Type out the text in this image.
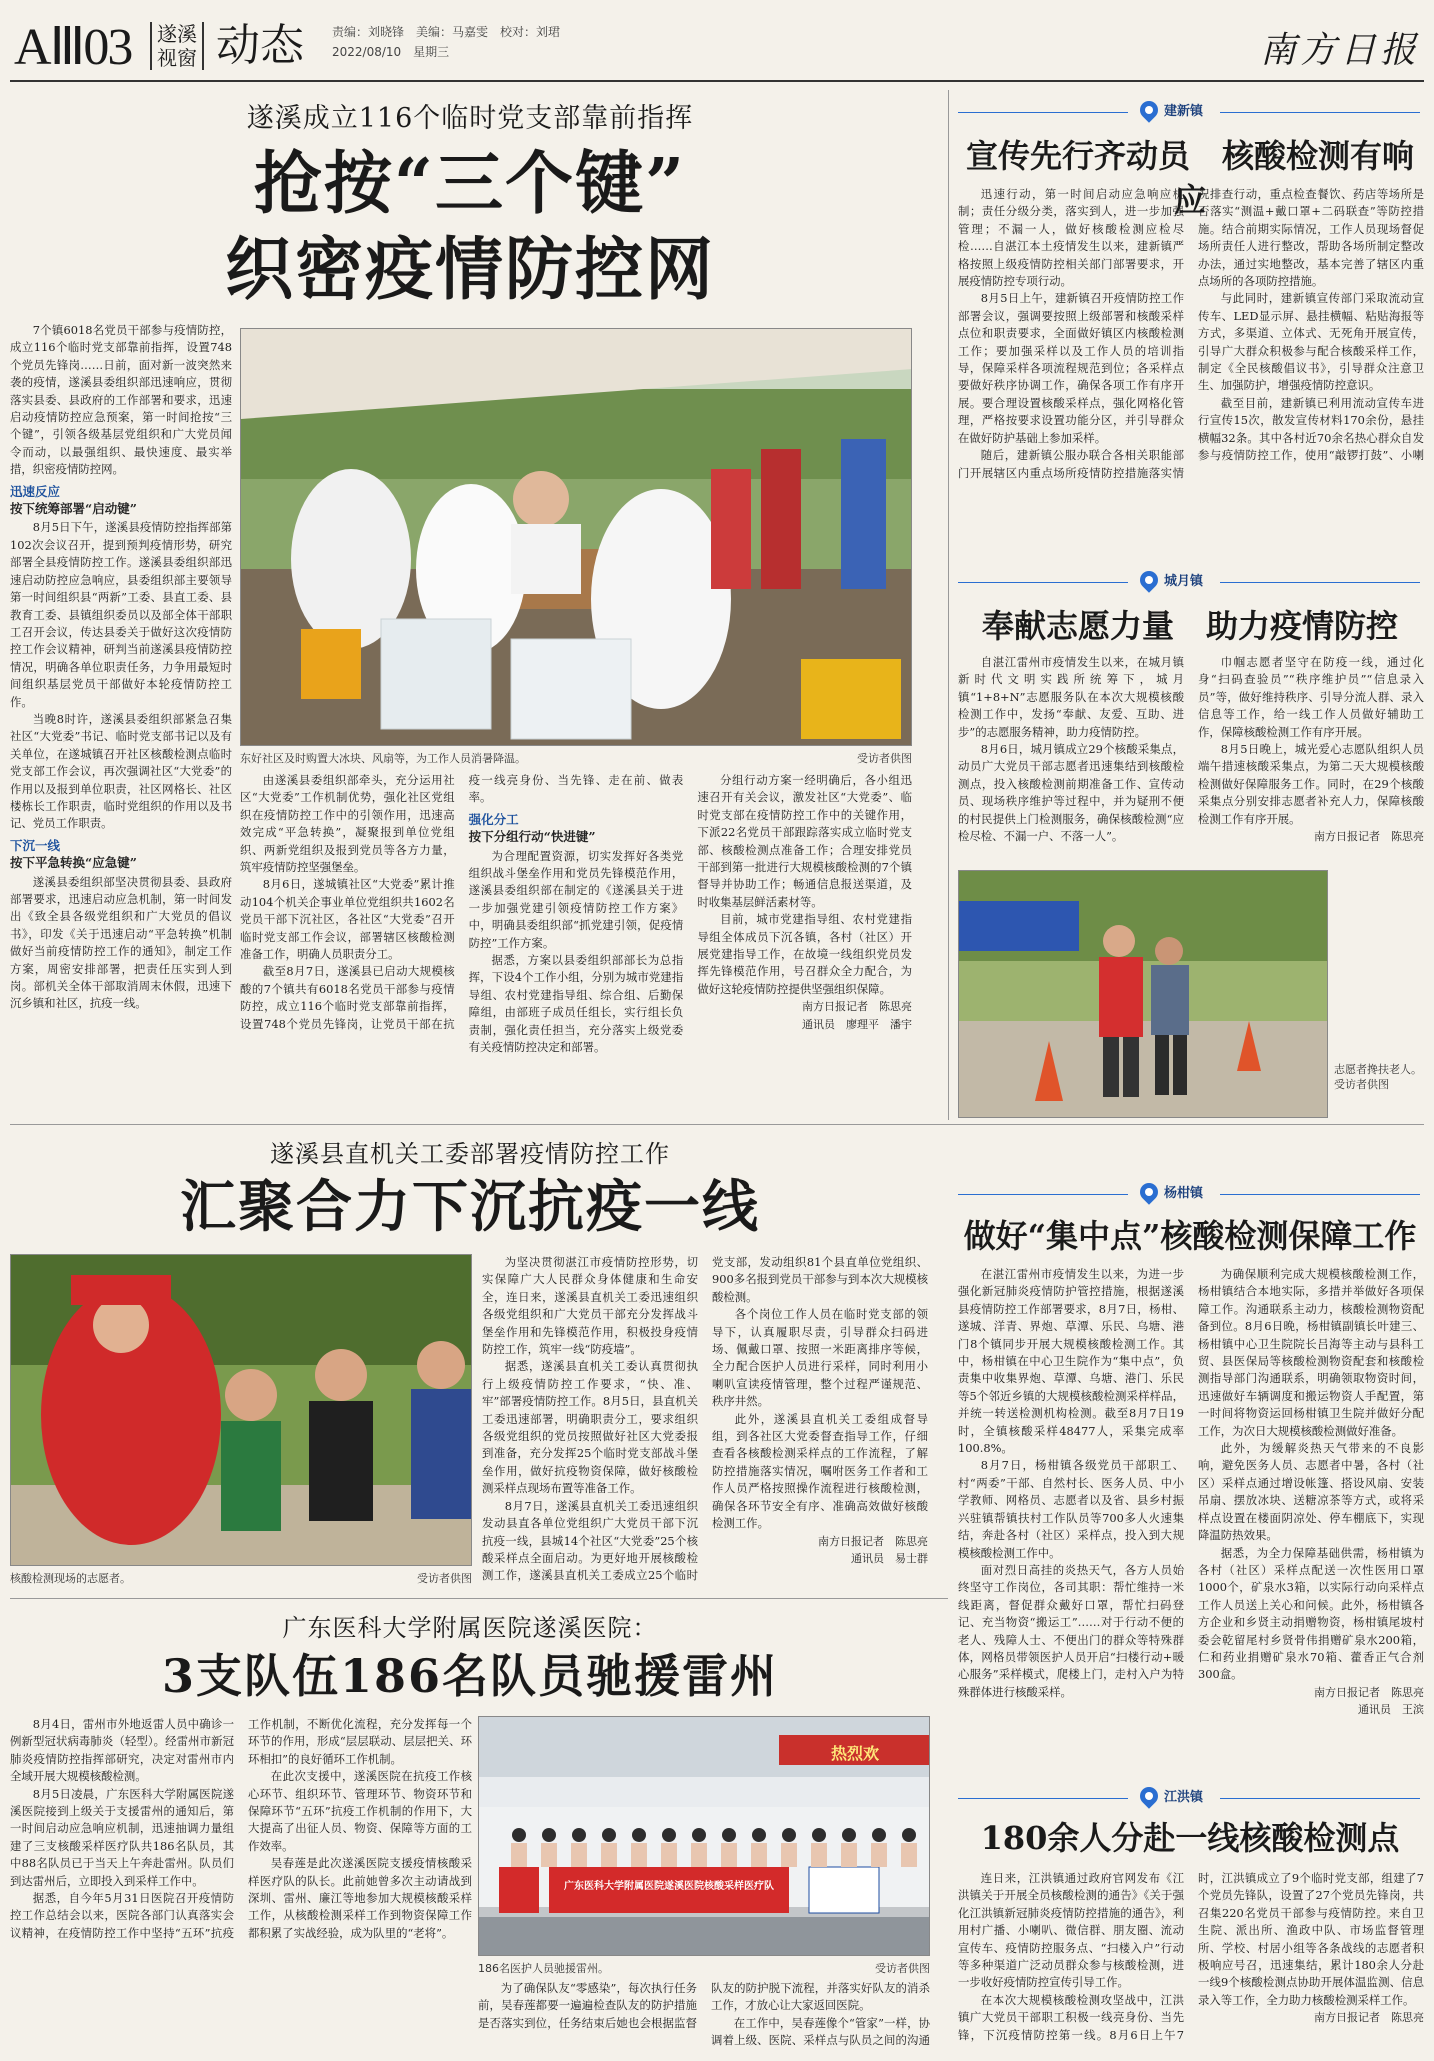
AⅢ03	遂溪视窗 动态 责编：刘晓锋　美编：马嘉雯　校对：刘珺
2022/08/10　星期三	南方日报
遂溪成立116个临时党支部靠前指挥
抢按“三个键”
织密疫情防控网

7个镇6018名党员干部参与疫情防控，成立116个临时党支部靠前指挥，设置748个党员先锋岗……日前，面对新一波突然来袭的疫情，遂溪县委组织部迅速响应，贯彻落实县委、县政府的工作部署和要求，迅速启动疫情防控应急预案，第一时间抢按“三个键”，引领各级基层党组织和广大党员闻令而动，以最强组织、最快速度、最实举措，织密疫情防控网。

迅速反应
按下统筹部署“启动键”

8月5日下午，遂溪县疫情防控指挥部第102次会议召开，提到预判疫情形势，研究部署全县疫情防控工作。遂溪县委组织部迅速启动防控应急响应，县委组织部主要领导第一时间组织县“两新”工委、县直工委、县教育工委、县镇组织委员以及部全体干部职工召开会议，传达县委关于做好这次疫情防控工作会议精神，研判当前遂溪县疫情防控情况，明确各单位职责任务，力争用最短时间组织基层党员干部做好本轮疫情防控工作。

当晚8时许，遂溪县委组织部紧急召集社区“大党委”书记、临时党支部书记以及有关单位，在遂城镇召开社区核酸检测点临时党支部工作会议，再次强调社区“大党委”的作用以及报到单位职责，社区网格长、社区楼栋长工作职责，临时党组织的作用以及书记、党员工作职责。

下沉一线
按下平急转换“应急键”

遂溪县委组织部坚决贯彻县委、县政府部署要求，迅速启动应急机制，第一时间发出《致全县各级党组织和广大党员的倡议书》，印发《关于迅速启动“平急转换”机制做好当前疫情防控工作的通知》，制定工作方案，周密安排部署，把责任压实到人到岗。部机关全体干部取消周末休假，迅速下沉乡镇和社区，抗疫一线。

东好社区及时购置大冰块、风扇等，为工作人员消暑降温。	受访者供图

由遂溪县委组织部牵头，充分运用社区“大党委”工作机制优势，强化社区党组织在疫情防控工作中的引领作用，迅速高效完成“平急转换”，凝聚报到单位党组织、两新党组织及报到党员等各方力量，筑牢疫情防控坚强堡垒。

8月6日，遂城镇社区“大党委”累计推动104个机关企事业单位党组织共1602名党员干部下沉社区，各社区“大党委”召开临时党支部工作会议，部署辖区核酸检测准备工作，明确人员职责分工。

截至8月7日，遂溪县已启动大规模核酸的7个镇共有6018名党员干部参与疫情防控，成立116个临时党支部靠前指挥，设置748个党员先锋岗，让党员干部在抗疫一线亮身份、当先锋、走在前、做表率。

强化分工
按下分组行动“快进键”

为合理配置资源，切实发挥好各类党组织战斗堡垒作用和党员先锋模范作用，遂溪县委组织部在制定的《遂溪县关于进一步加强党建引领疫情防控工作方案》中，明确县委组织部“抓党建引领，促疫情防控”工作方案。

据悉，方案以县委组织部部长为总指挥，下设4个工作小组，分别为城市党建指导组、农村党建指导组、综合组、后勤保障组，由部班子成员任组长，实行组长负责制，强化责任担当，充分落实上级党委有关疫情防控决定和部署。

分组行动方案一经明确后，各小组迅速召开有关会议，激发社区“大党委”、临时党支部在疫情防控工作中的关键作用，下派22名党员干部跟踪落实成立临时党支部、核酸检测点准备工作；合理安排党员干部到第一批进行大规模核酸检测的7个镇督导并协助工作；畅通信息报送渠道，及时收集基层鲜活素材等。

目前，城市党建指导组、农村党建指导组全体成员下沉各镇，各村（社区）开展党建指导工作，在故境一线组织党员发挥先锋模范作用，号召群众全力配合，为做好这轮疫情防控提供坚强组织保障。

南方日报记者　陈思亮

通讯员　廖理平　潘宇

建新镇
宣传先行齐动员　核酸检测有响应

迅速行动，第一时间启动应急响应机制；责任分级分类，落实到人，进一步加强管理；不漏一人，做好核酸检测应检尽检……自湛江本土疫情发生以来，建新镇严格按照上级疫情防控相关部门部署要求，开展疫情防控专项行动。

8月5日上午，建新镇召开疫情防控工作部署会议，强调要按照上级部署和核酸采样点位和职责要求，全面做好镇区内核酸检测工作；要加强采样以及工作人员的培训指导，保障采样各项流程规范到位；各采样点要做好秩序协调工作，确保各项工作有序开展。要合理设置核酸采样点，强化网格化管理，严格按要求设置功能分区，并引导群众在做好防护基础上参加采样。

随后，建新镇公服办联合各相关职能部门开展辖区内重点场所疫情防控措施落实情况排查行动，重点检查餐饮、药店等场所是否落实“测温+戴口罩+二码联查”等防控措施。结合前期实际情况，工作人员现场督促场所责任人进行整改，帮助各场所制定整改办法，通过实地整改，基本完善了辖区内重点场所的各项防控措施。

与此同时，建新镇宣传部门采取流动宣传车、LED显示屏、悬挂横幅、粘贴海报等方式，多渠道、立体式、无死角开展宣传，引导广大群众积极参与配合核酸采样工作，制定《全民核酸倡议书》，引导群众注意卫生、加强防护，增强疫情防控意识。

截至目前，建新镇已利用流动宣传车进行宣传15次，散发宣传材料170余份，悬挂横幅32条。其中各村近70余名热心群众自发参与疫情防控工作，使用“敲锣打鼓”、小喇

城月镇
奉献志愿力量　助力疫情防控

自湛江雷州市疫情发生以来，在城月镇新时代文明实践所统筹下，城月镇“1+8+N”志愿服务队在本次大规模核酸检测工作中，发扬“奉献、友爱、互助、进步”的志愿服务精神，助力疫情防控。

8月6日，城月镇成立29个核酸采集点，动员广大党员干部志愿者迅速集结到核酸检测点，投入核酸检测前期准备工作、宣传动员、现场秩序维护等过程中，并为疑刑不便的村民提供上门检测服务，确保核酸检测“应检尽检、不漏一户、不落一人”。

巾帼志愿者坚守在防疫一线，通过化身“扫码查验员”“秩序维护员”“信息录入员”等，做好维持秩序、引导分流人群、录入信息等工作，给一线工作人员做好辅助工作，保障核酸检测工作有序开展。

8月5日晚上，城光爱心志愿队组织人员端午措速核酸采集点，为第二天大规模核酸检测做好保障服务工作。同时，在29个核酸采集点分别安排志愿者补充人力，保障核酸检测工作有序开展。

南方日报记者　陈思亮

志愿者搀扶老人。
受访者供图
遂溪县直机关工委部署疫情防控工作
汇聚合力下沉抗疫一线
核酸检测现场的志愿者。	受访者供图

为坚决贯彻湛江市疫情防控形势，切实保障广大人民群众身体健康和生命安全，连日来，遂溪县直机关工委迅速组织各级党组织和广大党员干部充分发挥战斗堡垒作用和先锋模范作用，积极投身疫情防控工作，筑牢一线“防疫墙”。

据悉，遂溪县直机关工委认真贯彻执行上级疫情防控工作要求，“快、准、牢”部署疫情防控工作。8月5日，县直机关工委迅速部署，明确职责分工，要求组织各级党组织的党员按照做好社区大党委报到准备，充分发挥25个临时党支部战斗堡垒作用，做好抗疫物资保障，做好核酸检测采样点现场布置等准备工作。

8月7日，遂溪县直机关工委迅速组织发动县直各单位党组织广大党员干部下沉抗疫一线，县城14个社区“大党委”25个核酸采样点全面启动。为更好地开展核酸检测工作，遂溪县直机关工委成立25个临时党支部，发动组织81个县直单位党组织、900多名报到党员干部参与到本次大规模核酸检测。

各个岗位工作人员在临时党支部的领导下，认真履职尽责，引导群众扫码进场、佩戴口罩、按照一米距离排序等候，全力配合医护人员进行采样，同时利用小喇叭宣读疫情管理，整个过程严谨规范、秩序井然。

此外，遂溪县直机关工委组成督导组，到各社区大党委督查指导工作，仔细查看各核酸检测采样点的工作流程，了解防控措施落实情况，嘱咐医务工作者和工作人员严格按照操作流程进行核酸检测，确保各环节安全有序、准确高效做好核酸检测工作。

南方日报记者　陈思亮

通讯员　易士群

杨柑镇
做好“集中点”核酸检测保障工作

在湛江雷州市疫情发生以来，为进一步强化新冠肺炎疫情防护管控措施，根据遂溪县疫情防控工作部署要求，8月7日，杨柑、遂城、洋青、界炮、草潭、乐民、乌塘、港门8个镇同步开展大规模核酸检测工作。其中，杨柑镇在中心卫生院作为“集中点”，负责集中收集界炮、草潭、乌塘、港门、乐民等5个邻近乡镇的大规模核酸检测采样样品，并统一转送检测机构检测。截至8月7日19时，全镇核酸采样48477人，采集完成率100.8%。

8月7日，杨柑镇各级党员干部职工、村“两委”干部、自然村长、医务人员、中小学教师、网格员、志愿者以及省、县乡村振兴驻镇帮镇扶村工作队员等700多人火速集结，奔赴各村（社区）采样点，投入到大规模核酸检测工作中。

面对烈日高挂的炎热天气，各方人员始终坚守工作岗位，各司其职：帮忙维持一米线距离，督促群众戴好口罩，帮忙扫码登记、充当物资“搬运工”……对于行动不便的老人、残障人士、不便出门的群众等特殊群体，网格员带领医护人员开启“扫楼行动+暖心服务”采样模式，爬楼上门，走村入户为特殊群体进行核酸采样。

为确保顺利完成大规模核酸检测工作，杨柑镇结合本地实际，多措并举做好各项保障工作。沟通联系主动力，核酸检测物资配备到位。8月6日晚，杨柑镇副镇长叶建三、杨柑镇中心卫生院院长吕海等主动与县科工贸、县医保局等核酸检测物资配套和核酸检测指导部门沟通联系，明确领取物资时间，迅速做好车辆调度和搬运物资人手配置，第一时间将物资运回杨柑镇卫生院并做好分配工作，为次日大规模核酸检测做好准备。

此外，为缓解炎热天气带来的不良影响，避免医务人员、志愿者中暑，各村（社区）采样点通过增设帐篷、搭设风扇、安装吊扇、摆放冰块、送糖凉茶等方式，或将采样点设置在楼面阴凉处、停车棚底下，实现降温防热效果。

据悉，为全力保障基础供需，杨柑镇为各村（社区）采样点配送一次性医用口罩1000个，矿泉水3箱，以实际行动向采样点工作人员送上关心和问候。此外，杨柑镇各方企业和乡贤主动捐赠物资，杨柑镇尾坡村委会乾留尾村乡贤骨伟捐赠矿泉水200箱，仁和药业捐赠矿泉水70箱、藿香正气合剂300盒。

南方日报记者　陈思亮

通讯员　王滨

广东医科大学附属医院遂溪医院：
3支队伍186名队员驰援雷州

8月4日，雷州市外地返雷人员中确诊一例新型冠状病毒肺炎（轻型）。经雷州市新冠肺炎疫情防控指挥部研究，决定对雷州市内全域开展大规模核酸检测。

8月5日凌晨，广东医科大学附属医院遂溪医院接到上级关于支援雷州的通知后，第一时间启动应急响应机制，迅速抽调力量组建了三支核酸采样医疗队共186名队员，其中88名队员已于当天上午奔赴雷州。队员们到达雷州后，立即投入到采样工作中。

据悉，自今年5月31日医院召开疫情防控工作总结会以来，医院各部门认真落实会议精神，在疫情防控工作中坚持“五环”抗疫工作机制，不断优化流程，充分发挥每一个环节的作用，形成“层层联动、层层把关、环环相扣”的良好循环工作机制。

在此次支援中，遂溪医院在抗疫工作核心环节、组织环节、管理环节、物资环节和保障环节“五环”抗疫工作机制的作用下，大大提高了出征人员、物资、保障等方面的工作效率。

吴春莲是此次遂溪医院支援疫情核酸采样医疗队的队长。此前她曾多次主动请战到深圳、雷州、廉江等地参加大规模核酸采样工作，从核酸检测采样工作到物资保障工作都积累了实战经验，成为队里的“老将”。

广东医科大学附属医院遂溪医院核酸采样医疗队
热烈欢
186名医护人员驰援雷州。	受访者供图

为了确保队友“零感染”，每次执行任务前，吴春莲都要一遍遍检查队友的防护措施是否落实到位，任务结束后她也会根据监督队友的防护脱下流程，并落实好队友的消杀工作，才放心让大家返回医院。

在工作中，吴春莲像个“管家”一样，协调着上级、医院、采样点与队员之间的沟通

江洪镇
180余人分赴一线核酸检测点

连日来，江洪镇通过政府官网发布《江洪镇关于开展全员核酸检测的通告》《关于强化江洪镇新冠肺炎疫情防控措施的通告》，利用村广播、小喇叭、微信群、朋友圈、流动宣传车、疫情防控服务点、“扫楼入户”行动等多种渠道广泛动员群众参与核酸检测，进一步收好疫情防控宣传引导工作。

在本次大规模核酸检测攻坚战中，江洪镇广大党员干部职工积极一线亮身份、当先锋，下沉疫情防控第一线。8月6日上午7时，江洪镇成立了9个临时党支部，组建了7个党员先锋队，设置了27个党员先锋岗，共召集220名党员干部参与疫情防控。来自卫生院、派出所、渔政中队、市场监督管理所、学校、村居小组等各条战线的志愿者积极响应号召，迅速集结，累计180余人分赴一线9个核酸检测点协助开展体温监测、信息录入等工作，全力助力核酸检测采样工作。

南方日报记者　陈思亮
